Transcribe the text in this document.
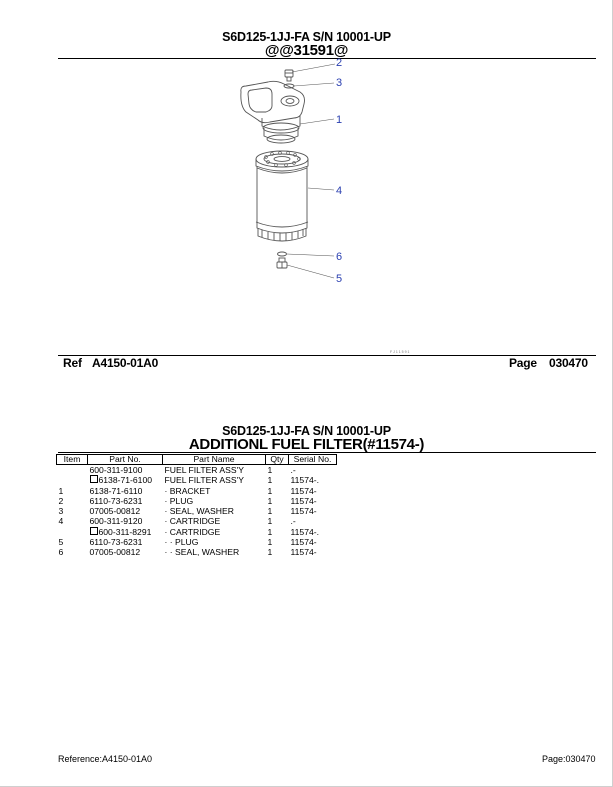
S6D125-1JJ-FA S/N 10001-UP
@@31591@
2
3
1
4
6
5
F J 1 1 5 9 1
Ref A4150-01A0	Page 030470
S6D125-1JJ-FA S/N 10001-UP
ADDITIONL FUEL FILTER(#11574-)
Item	Part No.	Part Name	Qty	Serial No.
	600-311-9100	FUEL FILTER ASS'Y	1	.-
	6138-71-6100	FUEL FILTER ASS'Y	1	11574-.
1	6138-71-6110	· BRACKET	1	11574-
2	6110-73-6231	· PLUG	1	11574-
3	07005-00812	· SEAL, WASHER	1	11574-
4	600-311-9120	· CARTRIDGE	1	.-
	600-311-8291	· CARTRIDGE	1	11574-.
5	6110-73-6231	· · PLUG	1	11574-
6	07005-00812	· · SEAL, WASHER	1	11574-
Reference:A4150-01A0	Page:030470
